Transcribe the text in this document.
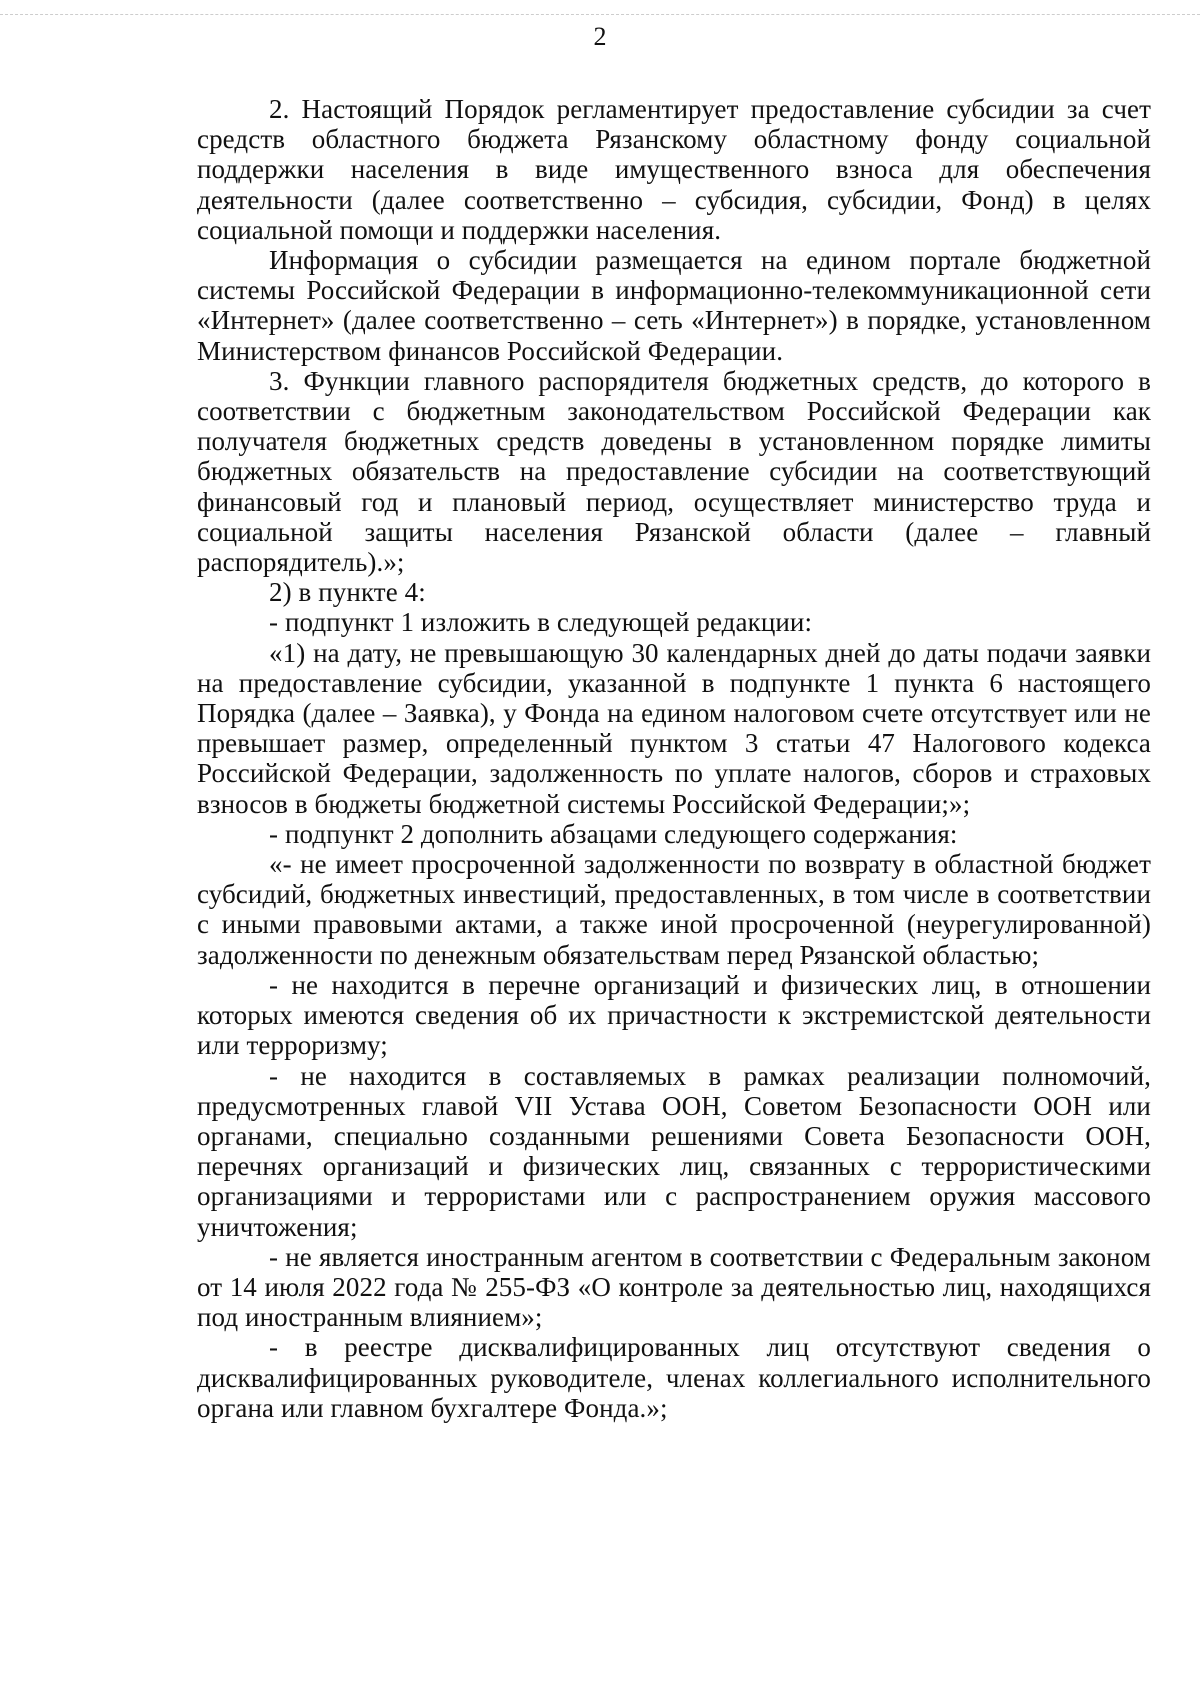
2

2. Настоящий Порядок регламентирует предоставление субсидии за счет средств областного бюджета Рязанскому областному фонду социальной поддержки населения в виде имущественного взноса для обеспечения деятельности (далее соответственно – субсидия, субсидии, Фонд) в целях социальной помощи и поддержки населения.

Информация о субсидии размещается на едином портале бюджетной системы Российской Федерации в информационно-телекоммуникационной сети «Интернет» (далее соответственно – сеть «Интернет») в порядке, установленном Министерством финансов Российской Федерации.

3. Функции главного распорядителя бюджетных средств, до которого в соответствии с бюджетным законодательством Российской Федерации как получателя бюджетных средств доведены в установленном порядке лимиты бюджетных обязательств на предоставление субсидии на соответствующий финансовый год и плановый период, осуществляет министерство труда и социальной защиты населения Рязанской области (далее – главный распорядитель).»;

2) в пункте 4:

- подпункт 1 изложить в следующей редакции:

«1) на дату, не превышающую 30 календарных дней до даты подачи заявки на предоставление субсидии, указанной в подпункте 1 пункта 6 настоящего Порядка (далее – Заявка), у Фонда на едином налоговом счете отсутствует или не превышает размер, определенный пунктом 3 статьи 47 Налогового кодекса Российской Федерации, задолженность по уплате налогов, сборов и страховых взносов в бюджеты бюджетной системы Российской Федерации;»;

- подпункт 2 дополнить абзацами следующего содержания:

«- не имеет просроченной задолженности по возврату в областной бюджет субсидий, бюджетных инвестиций, предоставленных, в том числе в соответствии с иными правовыми актами, а также иной просроченной (неурегулированной) задолженности по денежным обязательствам перед Рязанской областью;

- не находится в перечне организаций и физических лиц, в отношении которых имеются сведения об их причастности к экстремистской деятельности или терроризму;

- не находится в составляемых в рамках реализации полномочий, предусмотренных главой VII Устава ООН, Советом Безопасности ООН или органами, специально созданными решениями Совета Безопасности ООН, перечнях организаций и физических лиц, связанных с террористическими организациями и террористами или с распространением оружия массового уничтожения;

- не является иностранным агентом в соответствии с Федеральным законом от 14 июля 2022 года № 255-ФЗ «О контроле за деятельностью лиц, находящихся под иностранным влиянием»;

- в реестре дисквалифицированных лиц отсутствуют сведения о дисквалифицированных руководителе, членах коллегиального исполнительного органа или главном бухгалтере Фонда.»;
